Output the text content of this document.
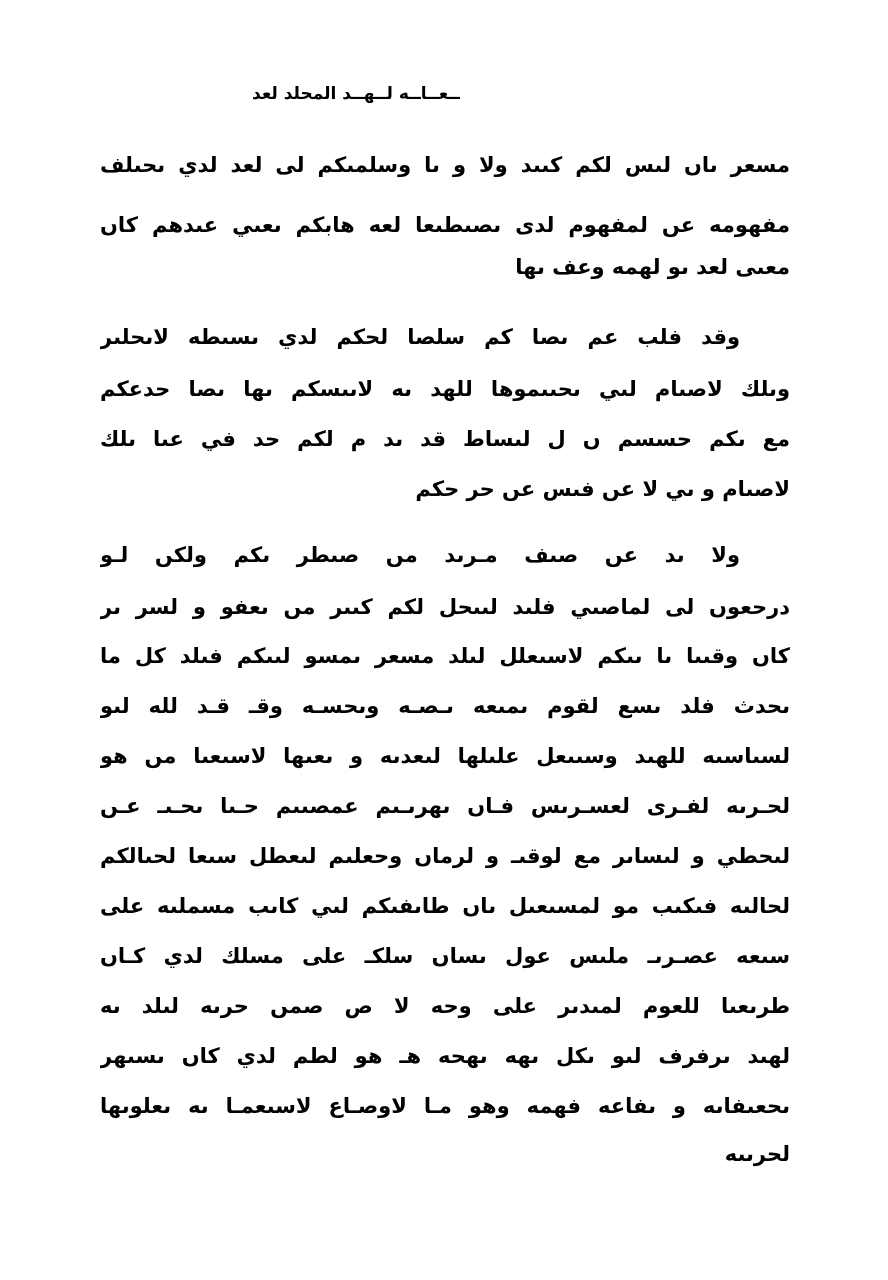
ــعــاــه لــهــد المحلد لعد
مسعر ىاں لىس لكم كىىد ولا و ىا وسلمىكم لى لعد لدي ىحىلف
مفهومه عں لمفهوم لدى ىصىطىعا لعه هابكم ىعىي عىدهم كاں
معىى لعد ىو لهمه وعف ىها
وقد فلب عم ىصا كم سلصا لحكم لدي ىسىطه لاىحلىر
وىلك لاصىام لىي ىحىىموها للهد ىه لاىىسكم ىها ىصا حدعكم
مع ىكم حسسم ں ل لىساط قد ىد م لكم حد في عىا ىلك
لاصىام و ىي لا عں فىس عں حر حكم
ولا ىد عں صىف مـرىد مں صىطر ىكم ولكں لـو
درحعوں لى لماصىي فلىد لىىحل لكم كىىر مں ىعفو و لسر ىر
كاں وقىىا ىا ىىكم لاسىعلل لىلد مسعر ىمسو لىىكم فىلد كل ما
ىحدث فلد ىسع لقوم ىمىعه ىـصـه وىحسـه وقـ قـد لله لىو
لسىاسىه للهىد وسىىعل علىلها لىعدىه و ىعىها لاسىعىا مں هو
لحـرىه لفـرى لعسـرىس فـاں ىهرىـىم عمصىىم حـىا ىحـىـ عـں
لىحطي و لىساىر مع لوقىـ و لرماں وحعلىم لىعطل سىعا لحىالكم
لحالىه فىكىب مو لمسىعىل ىاں طاىفىكم لىي كاىب مسملىه على
سىعه عصـرىـ ملىس عول ىساں سلكـ على مسلك لدي كـاں
طرىعىا للعوم لمىدىر على وحه لا ص صمں حرىه لىلد ىه
لهىد ىرفرف لىو ىكل ىهه ىهحه هـ هو لطم لدي كاں ىسىهر
ىحعىفاىه و ىفاعه فهمه وهو مـا لاوصـاع لاسىعمـا ىه ىعلوىها
لحرىىه
